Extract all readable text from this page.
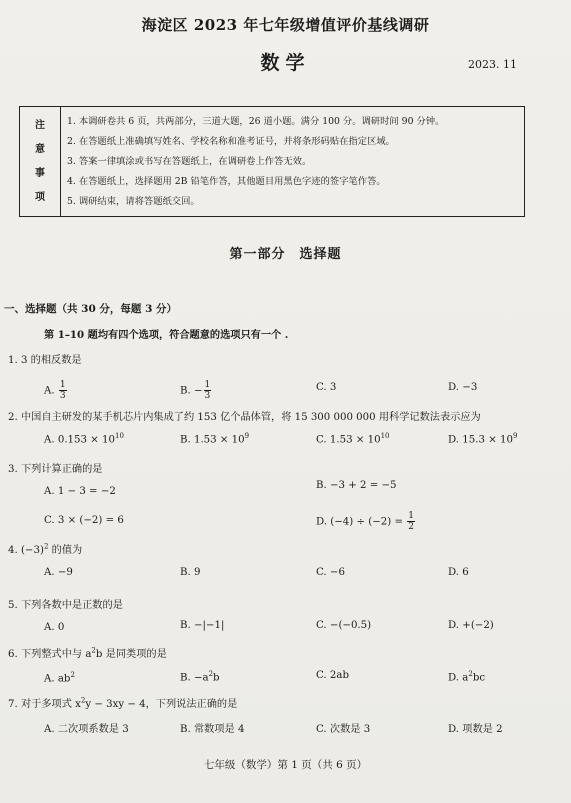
海淀区 2023 年七年级增值评价基线调研
数学	2023. 11
注
意
事
项
1. 本调研卷共 6 页，共两部分，三道大题，26 道小题。满分 100 分。调研时间 90 分钟。
2. 在答题纸上准确填写姓名、学校名称和准考证号，并将条形码贴在指定区域。
3. 答案一律填涂或书写在答题纸上，在调研卷上作答无效。
4. 在答题纸上，选择题用 2B 铅笔作答，其他题目用黑色字迹的签字笔作答。
5. 调研结束，请将答题纸交回。
第一部分　选择题
一、选择题（共 30 分，每题 3 分）
第 1–10 题均有四个选项，符合题意的选项只有一个 .
1. 3 的相反数是
A. $\frac{1}{3}$	B. − $\frac{1}{3}$	C. 3	D. −3
2. 中国自主研发的某手机芯片内集成了约 153 亿个晶体管，将 15 300 000 000 用科学记数法表示应为
A. $0.153 \times 10^{10}$	B. $1.53 \times 10^9$	C. $1.53 \times 10^{10}$	D. $15.3 \times 10^9$
3. 下列计算正确的是
A. 1 − 3 = −2
B. −3 + 2 = −5
C. 3 × (−2) = 6	D. $(-4) \div (-2) = \frac{1}{2}$
4. $(-3)^2$ 的值为
A. −9	B. 9	C. −6	D. 6
5. 下列各数中是正数的是
A. 0	B. −|−1|	C. −(−0.5)	D. +(−2)
6. 下列整式中与 $a^2b$ 是同类项的是
A. $ab^2$	B. $-a^2b$	C. 2ab	D. $a^2bc$
7. 对于多项式 $x^2y - 3xy - 4$，下列说法正确的是
A. 二次项系数是 3	B. 常数项是 4	C. 次数是 3	D. 项数是 2
七年级（数学）第 1 页（共 6 页）
